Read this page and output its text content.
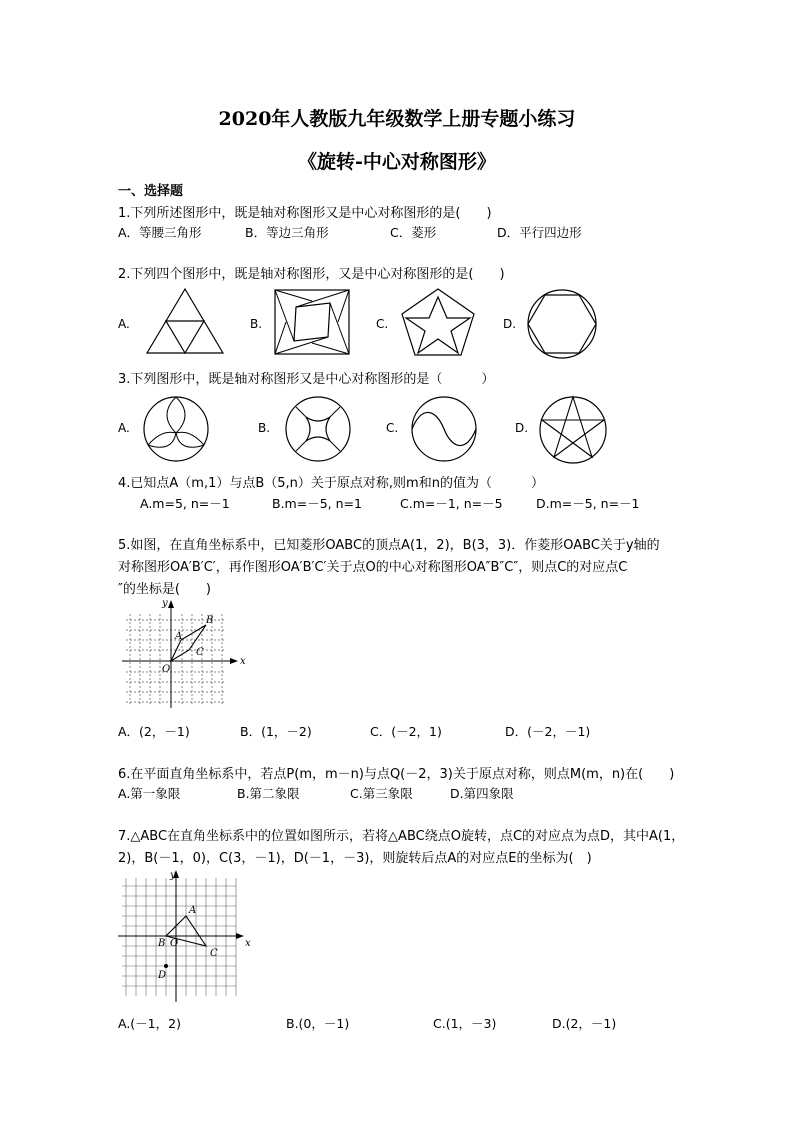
2020年人教版九年级数学上册专题小练习
《旋转-中心对称图形》
一、选择题
1.下列所述图形中，既是轴对称图形又是中心对称图形的是(　　)
A．等腰三角形	B．等边三角形	C．菱形	D．平行四边形
2.下列四个图形中，既是轴对称图形，又是中心对称图形的是(　　)
A.	B.	C.	D.
3.下列图形中，既是轴对称图形又是中心对称图形的是（　　　）
A.	B.	C.	D.
4.已知点A（m,1）与点B（5,n）关于原点对称,则m和n的值为（　　　）
A.m=5, n=－1	B.m=－5, n=1	C.m=－1, n=－5	D.m=－5, n=－1
5.如图，在直角坐标系中，已知菱形OABC的顶点A(1，2)，B(3，3)．作菱形OABC关于y轴的
对称图形OA′B′C′，再作图形OA′B′C′关于点O的中心对称图形OA″B″C″，则点C的对应点C
″的坐标是(　　)
x
y
O
A
B
C
A．(2，－1)	B．(1，－2)	C．(－2，1)	D．(－2，－1)
6.在平面直角坐标系中，若点P(m，m－n)与点Q(－2，3)关于原点对称，则点M(m，n)在(　　)
A.第一象限	B.第二象限	C.第三象限	D.第四象限
7.△ABC在直角坐标系中的位置如图所示，若将△ABC绕点O旋转，点C的对应点为点D，其中A(1，
2)，B(－1，0)，C(3，－1)，D(－1，－3)，则旋转后点A的对应点E的坐标为(　)
x
y
O
A
B
C
D
A.(－1，2)	B.(0，－1)	C.(1，－3)	D.(2，－1)
